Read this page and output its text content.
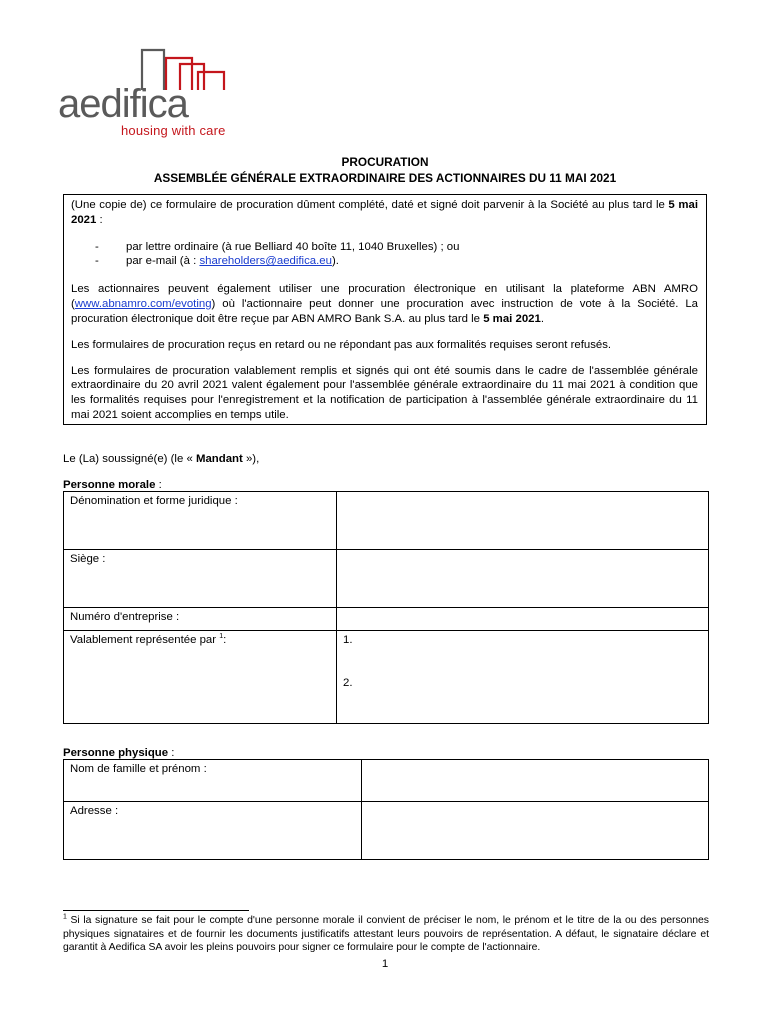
aedifica
housing with care
PROCURATION
ASSEMBLÉE GÉNÉRALE EXTRAORDINAIRE DES ACTIONNAIRES DU 11 MAI 2021

(Une copie de) ce formulaire de procuration dûment complété, daté et signé doit parvenir à la Société au plus tard le 5 mai 2021 :

-	par lettre ordinaire (à rue Belliard 40 boîte 11, 1040 Bruxelles) ; ou
-	par e-mail (à : shareholders@aedifica.eu).

Les actionnaires peuvent également utiliser une procuration électronique en utilisant la plateforme ABN AMRO (www.abnamro.com/evoting) où l'actionnaire peut donner une procuration avec instruction de vote à la Société. La procuration électronique doit être reçue par ABN AMRO Bank S.A. au plus tard le 5 mai 2021.

Les formulaires de procuration reçus en retard ou ne répondant pas aux formalités requises seront refusés.

Les formulaires de procuration valablement remplis et signés qui ont été soumis dans le cadre de l'assemblée générale extraordinaire du 20 avril 2021 valent également pour l'assemblée générale extraordinaire du 11 mai 2021 à condition que les formalités requises pour l'enregistrement et la notification de participation à l'assemblée générale extraordinaire du 11 mai 2021 soient accomplies en temps utile.

Le (La) soussigné(e) (le « Mandant »),
Personne morale :
Dénomination et forme juridique :	
Siège :	
Numéro d'entreprise :	
Valablement représentée par $^1$:	1.
2.
Personne physique :
Nom de famille et prénom :	
Adresse :	
$^1$ Si la signature se fait pour le compte d'une personne morale il convient de préciser le nom, le prénom et le titre de la ou des personnes physiques signataires et de fournir les documents justificatifs attestant leurs pouvoirs de représentation. A défaut, le signataire déclare et garantit à Aedifica SA avoir les pleins pouvoirs pour signer ce formulaire pour le compte de l'actionnaire.
1
